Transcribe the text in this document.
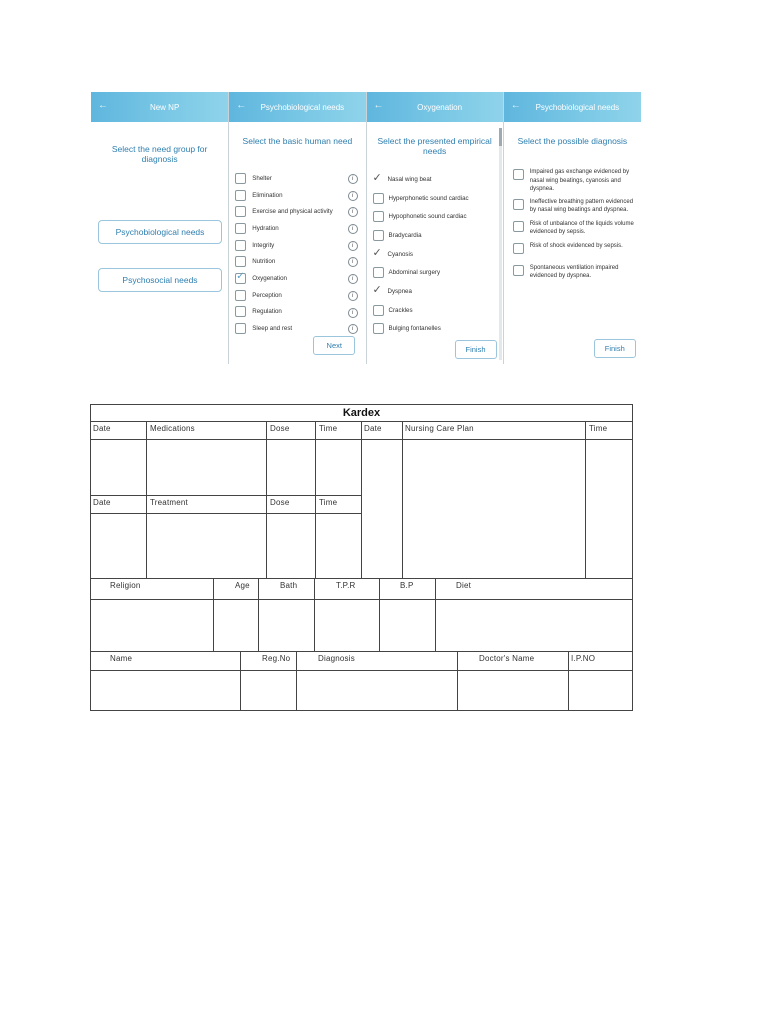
←	New NP
Select the need group for diagnosis
Psychobiological needs
Psychosocial needs
←	Psychobiological needs
Select the basic human need
Shelter	i
Elimination	i
Exercise and physical activity	i
Hydration	i
Integrity	i
Nutrition	i
✓
Oxygenation	i
Perception	i
Regulation	i
Sleep and rest	i
Next
←	Oxygenation
Select the presented empirical needs
✓
Nasal wing beat
Hyperphonetic sound cardiac
Hypophonetic sound cardiac
Bradycardia
✓
Cyanosis
Abdominal surgery
✓
Dyspnea
Crackles
Bulging fontanelles
Finish
←	Psychobiological needs
Select the possible diagnosis
Impaired gas exchange evidenced by nasal wing beatings, cyanosis and dyspnea.
Ineffective breathing pattern evidenced by nasal wing beatings and dyspnea.
Risk of unbalance of the liquids volume evidenced by sepsis.
Risk of shock evidenced by sepsis.
Spontaneous ventilation impaired evidenced by dyspnea.
Finish
Kardex
Date	Medications	Dose	Time	Date	Nursing Care Plan	Time
Date	Treatment	Dose	Time
Religion	Age	Bath	T.P.R	B.P	Diet
Name	Reg.No	Diagnosis	Doctor's Name	I.P.NO
